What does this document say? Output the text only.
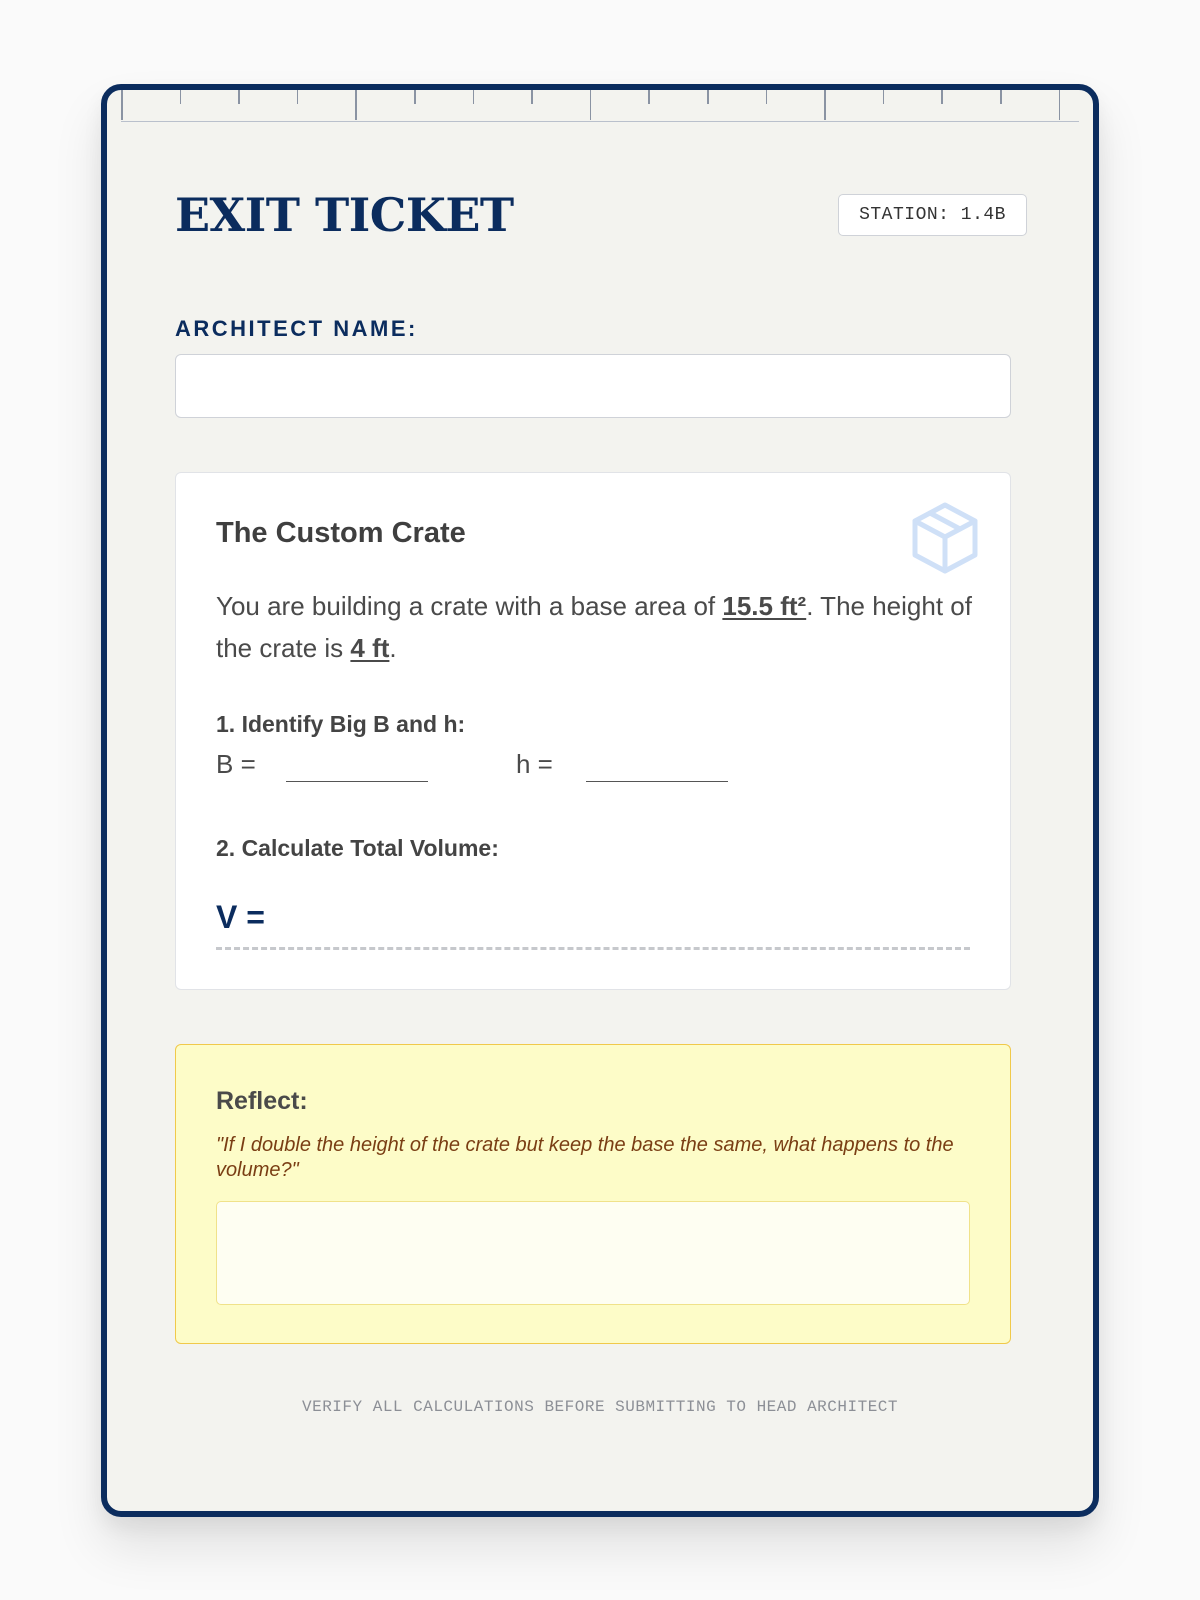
EXIT TICKET	STATION: 1.4B
ARCHITECT NAME:
The Custom Crate
You are building a crate with a base area of 15.5 ft². The height of the crate is 4 ft.
1. Identify Big B and h:
B =	h =
2. Calculate Total Volume:
V =
Reflect:
"If I double the height of the crate but keep the base the same, what happens to the volume?"
VERIFY ALL CALCULATIONS BEFORE SUBMITTING TO HEAD ARCHITECT
